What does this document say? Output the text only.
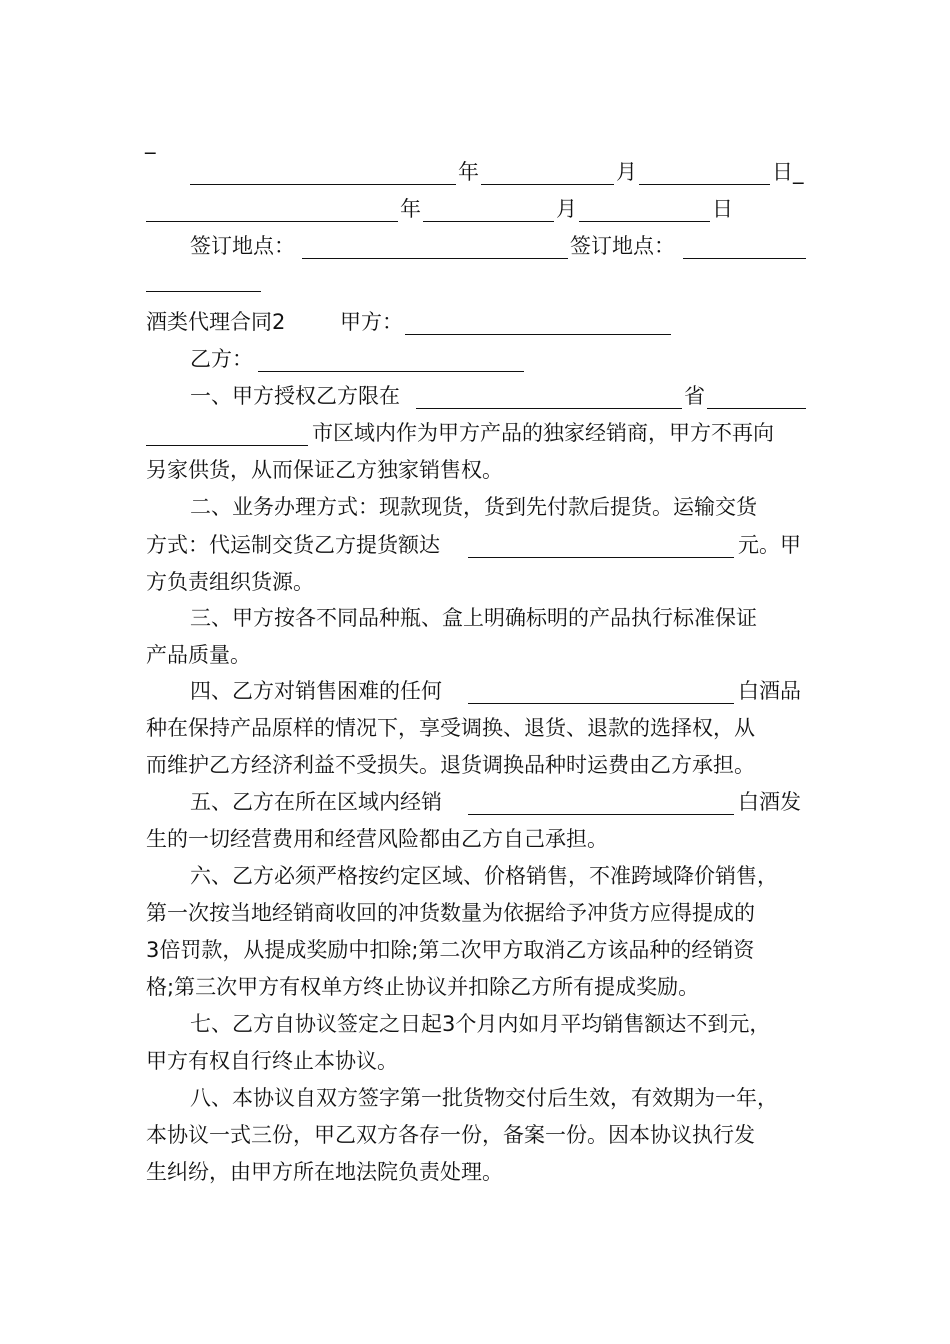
_
年	月	日_
年	月	日
签订地点：	签订地点：
酒类代理合同2	甲方：
乙方：
一、甲方授权乙方限在	省
市区域内作为甲方产品的独家经销商，甲方不再向
另家供货，从而保证乙方独家销售权。
二、业务办理方式：现款现货，货到先付款后提货。运输交货
方式：代运制交货乙方提货额达	元。甲
方负责组织货源。
三、甲方按各不同品种瓶、盒上明确标明的产品执行标准保证
产品质量。
四、乙方对销售困难的任何	白酒品
种在保持产品原样的情况下，享受调换、退货、退款的选择权，从
而维护乙方经济利益不受损失。退货调换品种时运费由乙方承担。
五、乙方在所在区域内经销	白酒发
生的一切经营费用和经营风险都由乙方自己承担。
六、乙方必须严格按约定区域、价格销售，不准跨域降价销售，
第一次按当地经销商收回的冲货数量为依据给予冲货方应得提成的
3倍罚款，从提成奖励中扣除;第二次甲方取消乙方该品种的经销资
格;第三次甲方有权单方终止协议并扣除乙方所有提成奖励。
七、乙方自协议签定之日起3个月内如月平均销售额达不到元，
甲方有权自行终止本协议。
八、本协议自双方签字第一批货物交付后生效，有效期为一年，
本协议一式三份，甲乙双方各存一份，备案一份。因本协议执行发
生纠纷，由甲方所在地法院负责处理。
